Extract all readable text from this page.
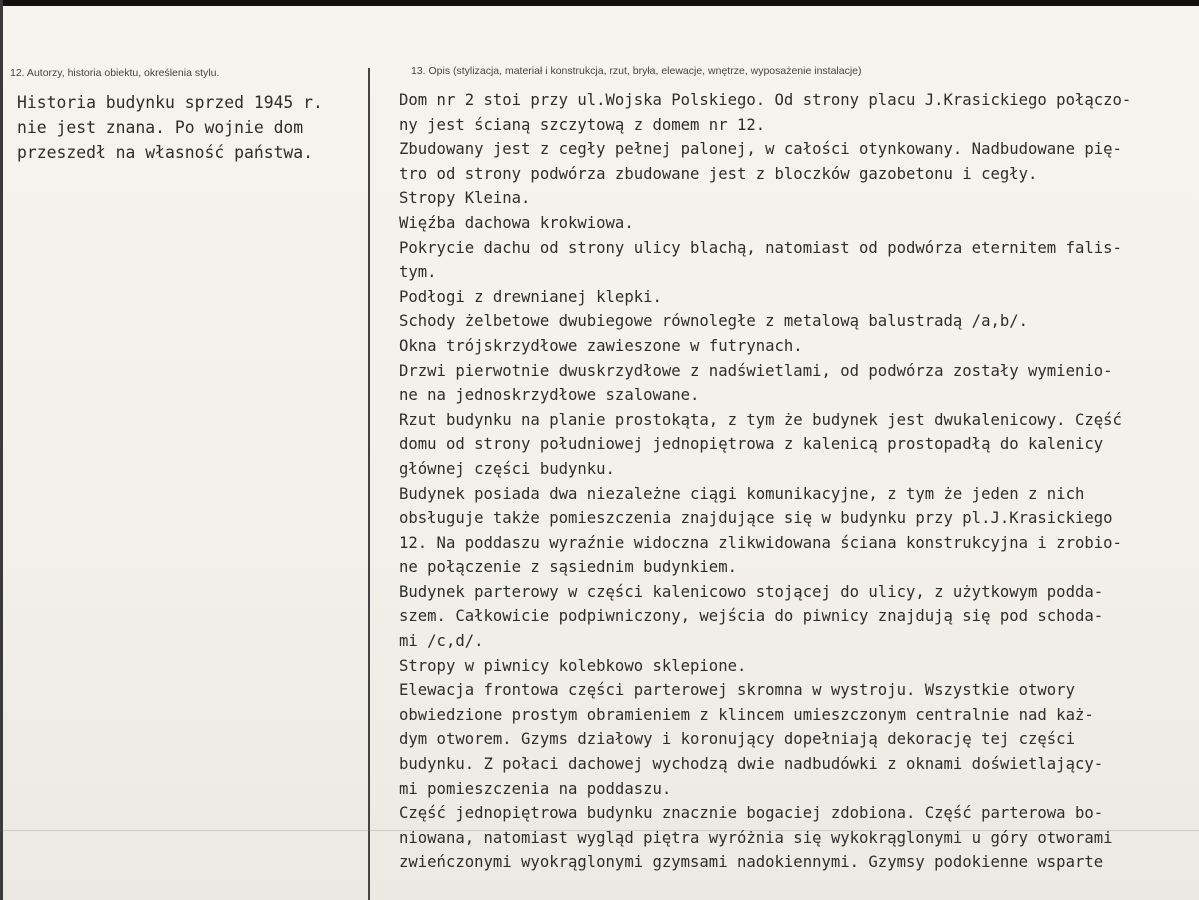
12. Autorzy, historia obiektu, określenia stylu.	13. Opis (stylizacja, materiał i konstrukcja, rzut, bryła, elewacje, wnętrze, wyposażenie instalacje)
Historia budynku sprzed 1945 r.
nie jest znana. Po wojnie dom
przeszedł na własność państwa.
Dom nr 2 stoi przy ul.Wojska Polskiego. Od strony placu J.Krasickiego połączo-
ny jest ścianą szczytową z domem nr 12.
Zbudowany jest z cegły pełnej palonej, w całości otynkowany. Nadbudowane pię-
tro od strony podwórza zbudowane jest z bloczków gazobetonu i cegły.
Stropy Kleina.
Więźba dachowa krokwiowa.
Pokrycie dachu od strony ulicy blachą, natomiast od podwórza eternitem falis-
tym.
Podłogi z drewnianej klepki.
Schody żelbetowe dwubiegowe równoległe z metalową balustradą /a,b/.
Okna trójskrzydłowe zawieszone w futrynach.
Drzwi pierwotnie dwuskrzydłowe z nadświetlami, od podwórza zostały wymienio-
ne na jednoskrzydłowe szalowane.
Rzut budynku na planie prostokąta, z tym że budynek jest dwukalenicowy. Część
domu od strony południowej jednopiętrowa z kalenicą prostopadłą do kalenicy
głównej części budynku.
Budynek posiada dwa niezależne ciągi komunikacyjne, z tym że jeden z nich
obsługuje także pomieszczenia znajdujące się w budynku przy pl.J.Krasickiego
12. Na poddaszu wyraźnie widoczna zlikwidowana ściana konstrukcyjna i zrobio-
ne połączenie z sąsiednim budynkiem.
Budynek parterowy w części kalenicowo stojącej do ulicy, z użytkowym podda-
szem. Całkowicie podpiwniczony, wejścia do piwnicy znajdują się pod schoda-
mi /c,d/.
Stropy w piwnicy kolebkowo sklepione.
Elewacja frontowa części parterowej skromna w wystroju. Wszystkie otwory
obwiedzione prostym obramieniem z klincem umieszczonym centralnie nad każ-
dym otworem. Gzyms działowy i koronujący dopełniają dekorację tej części
budynku. Z połaci dachowej wychodzą dwie nadbudówki z oknami doświetlający-
mi pomieszczenia na poddaszu.
Część jednopiętrowa budynku znacznie bogaciej zdobiona. Część parterowa bo-
niowana, natomiast wygląd piętra wyróżnia się wykokrąglonymi u góry otworami
zwieńczonymi wyokrąglonymi gzymsami nadokiennymi. Gzymsy podokienne wsparte
